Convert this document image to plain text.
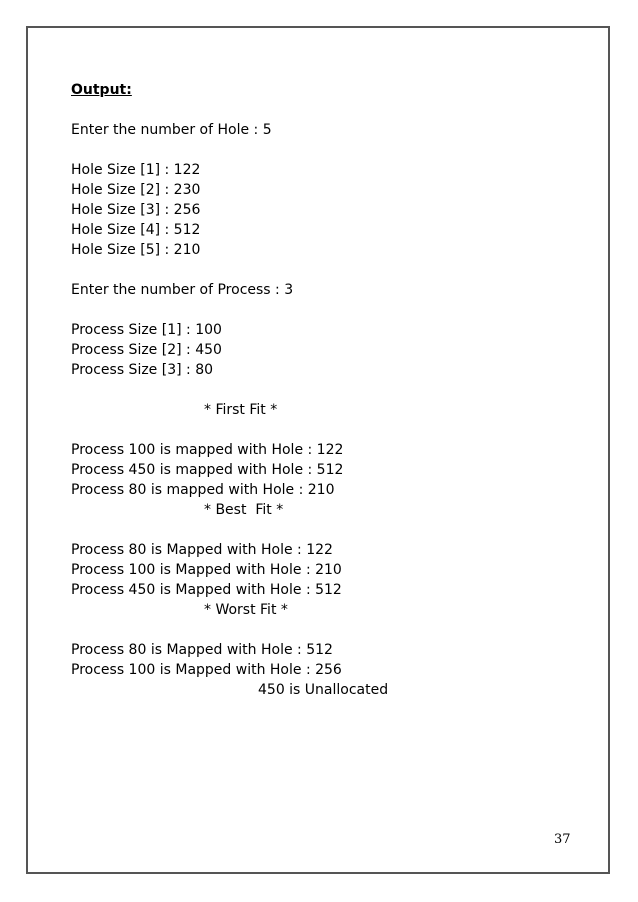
Output:
Enter the number of Hole : 5
Hole Size [1] : 122
Hole Size [2] : 230
Hole Size [3] : 256
Hole Size [4] : 512
Hole Size [5] : 210
Enter the number of Process : 3
Process Size [1] : 100
Process Size [2] : 450
Process Size [3] : 80
* First Fit *
Process 100 is mapped with Hole : 122
Process 450 is mapped with Hole : 512
Process 80 is mapped with Hole : 210
* Best  Fit *
Process 80 is Mapped with Hole : 122
Process 100 is Mapped with Hole : 210
Process 450 is Mapped with Hole : 512
* Worst Fit *
Process 80 is Mapped with Hole : 512
Process 100 is Mapped with Hole : 256
450 is Unallocated
37
